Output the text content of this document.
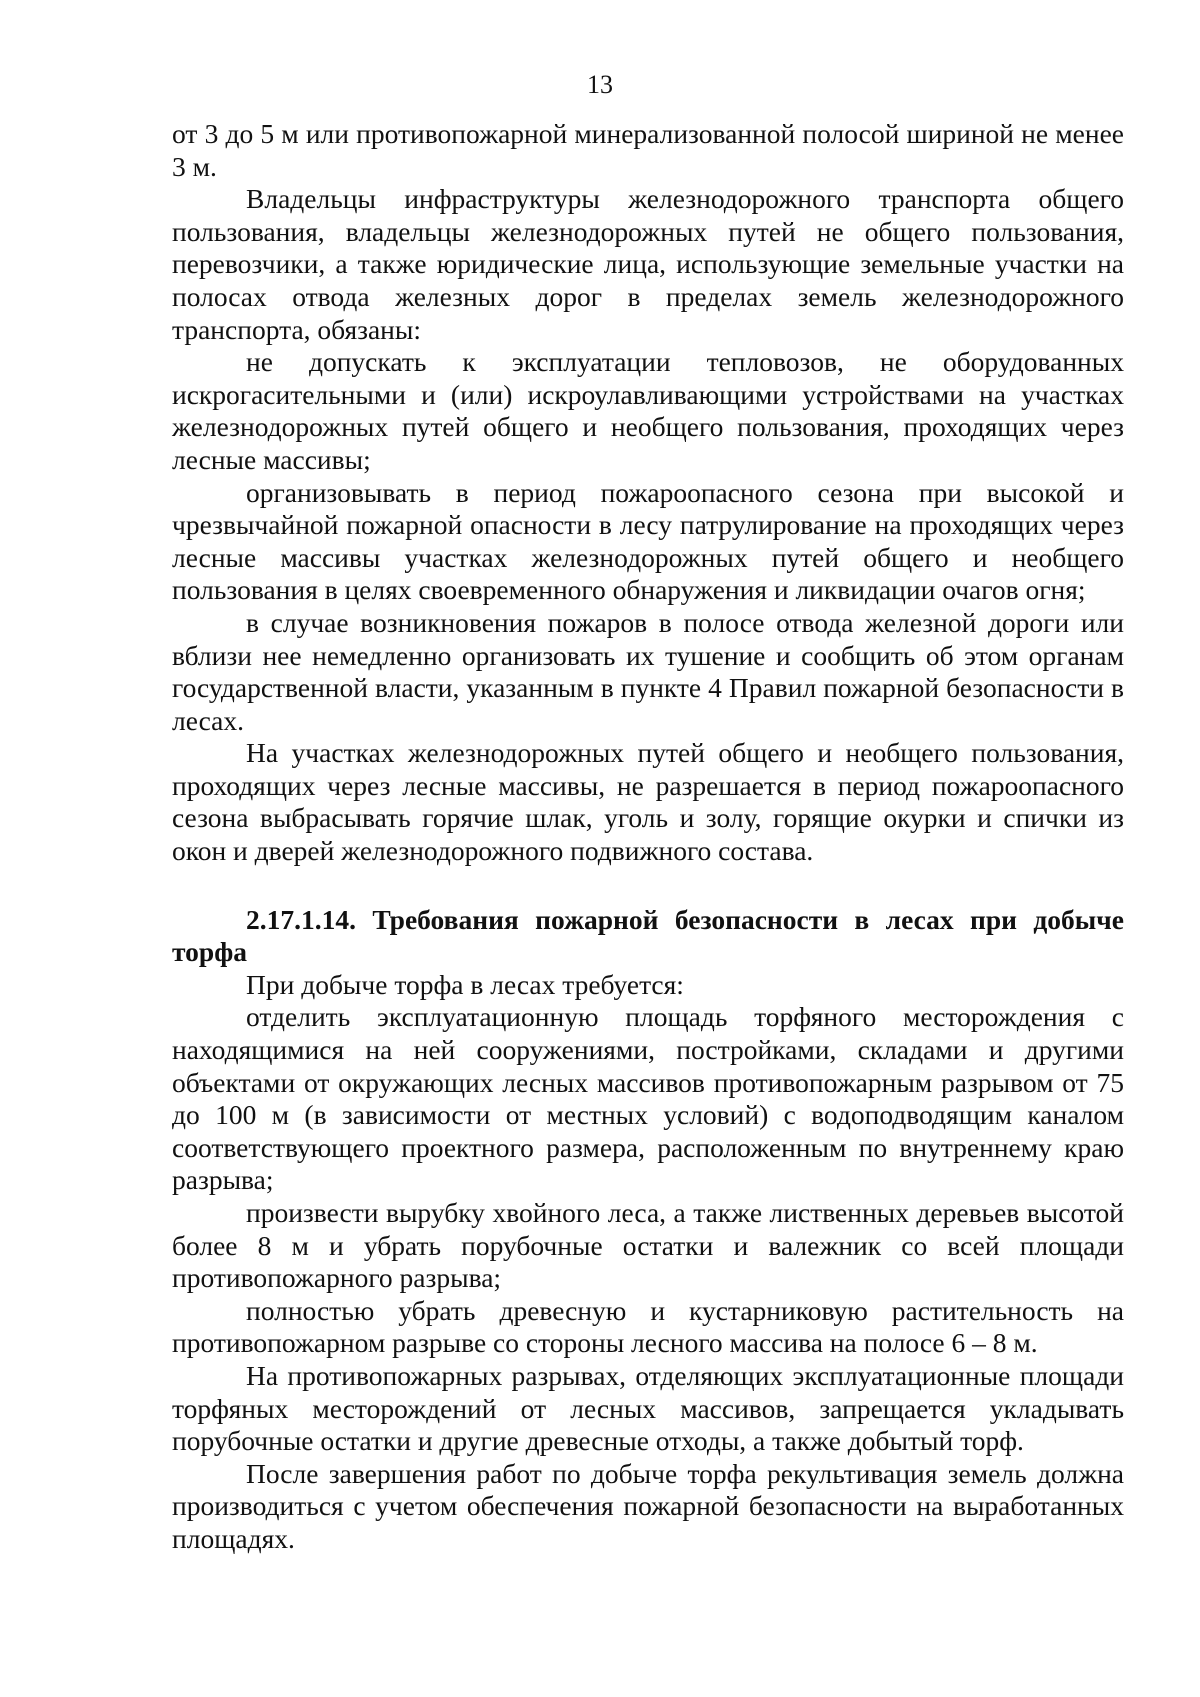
13

от 3 до 5 м или противопожарной минерализованной полосой шириной не менее 3 м.

Владельцы инфраструктуры железнодорожного транспорта общего пользования, владельцы железнодорожных путей не общего пользования, перевозчики, а также юридические лица, использующие земельные участки на полосах отвода железных дорог в пределах земель железнодорожного транспорта, обязаны:

не допускать к эксплуатации тепловозов, не оборудованных искрогасительными и (или) искроулавливающими устройствами на участках железнодорожных путей общего и необщего пользования, проходящих через лесные массивы;

организовывать в период пожароопасного сезона при высокой и чрезвычайной пожарной опасности в лесу патрулирование на проходящих через лесные массивы участках железнодорожных путей общего и необщего пользования в целях своевременного обнаружения и ликвидации очагов огня;

в случае возникновения пожаров в полосе отвода железной дороги или вблизи нее немедленно организовать их тушение и сообщить об этом органам государственной власти, указанным в пункте 4 Правил пожарной безопасности в лесах.

На участках железнодорожных путей общего и необщего пользования, проходящих через лесные массивы, не разрешается в период пожароопасного сезона выбрасывать горячие шлак, уголь и золу, горящие окурки и спички из окон и дверей железнодорожного подвижного состава.

2.17.1.14. Требования пожарной безопасности в лесах при добыче торфа

При добыче торфа в лесах требуется:

отделить эксплуатационную площадь торфяного месторождения с находящимися на ней сооружениями, постройками, складами и другими объектами от окружающих лесных массивов противопожарным разрывом от 75 до 100 м (в зависимости от местных условий) с водоподводящим каналом соответствующего проектного размера, расположенным по внутреннему краю разрыва;

произвести вырубку хвойного леса, а также лиственных деревьев высотой более 8 м и убрать порубочные остатки и валежник со всей площади противопожарного разрыва;

полностью убрать древесную и кустарниковую растительность на противопожарном разрыве со стороны лесного массива на полосе 6 – 8 м.

На противопожарных разрывах, отделяющих эксплуатационные площади торфяных месторождений от лесных массивов, запрещается укладывать порубочные остатки и другие древесные отходы, а также добытый торф.

После завершения работ по добыче торфа рекультивация земель должна производиться с учетом обеспечения пожарной безопасности на выработанных площадях.
